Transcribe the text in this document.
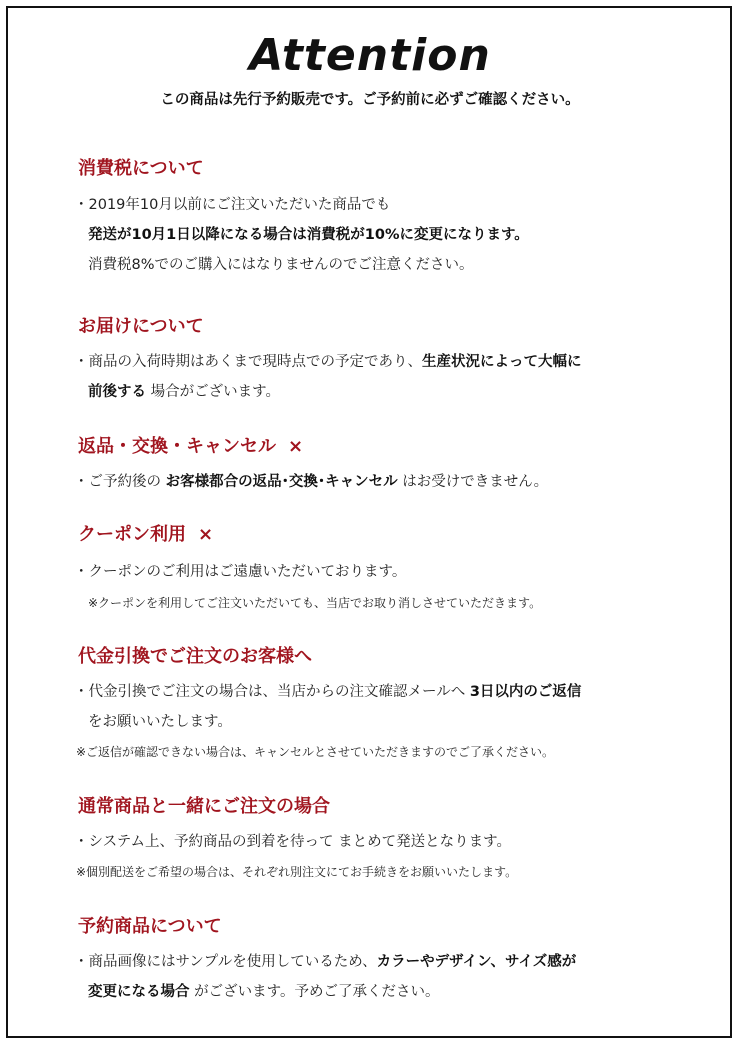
Attention
この商品は先行予約販売です。ご予約前に必ずご確認ください。
消費税について
・2019年10月以前にご注文いただいた商品でも
発送が10月1日以降になる場合は消費税が10%に変更になります。
消費税8%でのご購入にはなりませんのでご注意ください。
お届けについて
・商品の入荷時期はあくまで現時点での予定であり、生産状況によって大幅に
前後する 場合がございます。
返品・交換・キャンセル ×
・ご予約後の お客様都合の返品･交換･キャンセル はお受けできません。
クーポン利用 ×
・クーポンのご利用はご遠慮いただいております。
※クーポンを利用してご注文いただいても、当店でお取り消しさせていただきます。
代金引換でご注文のお客様へ
・代金引換でご注文の場合は、当店からの注文確認メールへ 3日以内のご返信
をお願いいたします。
※ご返信が確認できない場合は、キャンセルとさせていただきますのでご了承ください。
通常商品と一緒にご注文の場合
・システム上、予約商品の到着を待って まとめて発送となります。
※個別配送をご希望の場合は、それぞれ別注文にてお手続きをお願いいたします。
予約商品について
・商品画像にはサンプルを使用しているため、カラーやデザイン、サイズ感が
変更になる場合 がございます。予めご了承ください。
